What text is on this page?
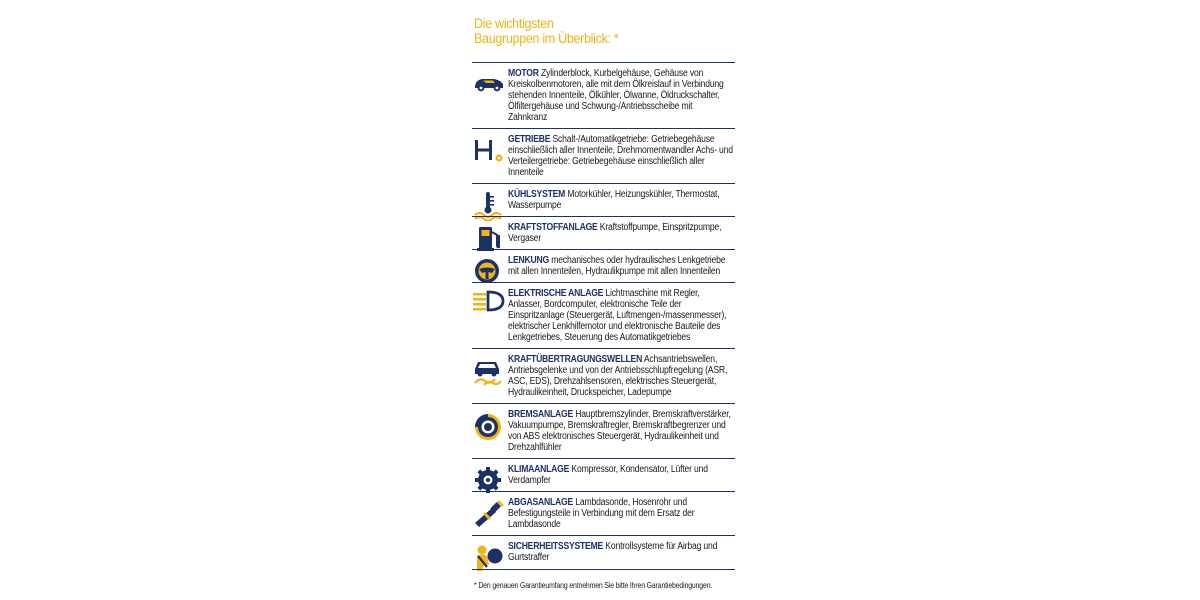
Die wichtigsten
Baugruppen im Überblick: *
MOTOR Zylinderblock, Kurbelgehäuse, Gehäuse von Kreiskolbenmotoren, alle mit dem Ölkreislauf in Verbindung stehenden Innenteile, Ölkühler, Ölwanne, Öldruckschalter, Ölfiltergehäuse und Schwung-/Antriebsscheibe mit Zahnkranz
GETRIEBE Schalt-/Automatikgetriebe: Getriebegehäuse einschließlich aller Innenteile, Drehmomentwandler Achs- und Verteilergetriebe: Getriebegehäuse einschließlich aller Innenteile
KÜHLSYSTEM Motorkühler, Heizungskühler, Thermostat, Wasserpumpe
KRAFTSTOFFANLAGE Kraftstoffpumpe, Einspritzpumpe, Vergaser
LENKUNG mechanisches oder hydraulisches Lenkgetriebe mit allen Innenteilen, Hydraulikpumpe mit allen Innenteilen
ELEKTRISCHE ANLAGE Lichtmaschine mit Regler, Anlasser, Bordcomputer, elektronische Teile der Einspritzanlage (Steuergerät, Luftmengen-/massenmesser), elektrischer Lenkhilfemotor und elektronische Bauteile des Lenkgetriebes, Steuerung des Automatikgetriebes
KRAFTÜBERTRAGUNGSWELLEN Achsantriebswellen, Antriebsgelenke und von der Antriebsschlupfregelung (ASR, ASC, EDS), Drehzahlsensoren, elektrisches Steuergerät, Hydraulikeinheit, Druckspeicher, Ladepumpe
BREMSANLAGE Hauptbremszylinder, Bremskraftverstärker, Vakuumpumpe, Bremskraftregler, Bremskraftbegrenzer und von ABS elektronisches Steuergerät, Hydraulikeinheit und Drehzahlfühler
KLIMAANLAGE Kompressor, Kondensator, Lüfter und Verdampfer
ABGASANLAGE Lambdasonde, Hosenrohr und Befestigungsteile in Verbindung mit dem Ersatz der Lambdasonde
SICHERHEITSSYSTEME Kontrollsysteme für Airbag und Gurtstraffer
* Den genauen Garantieumfang entnehmen Sie bitte Ihren Garantiebedingungen.
